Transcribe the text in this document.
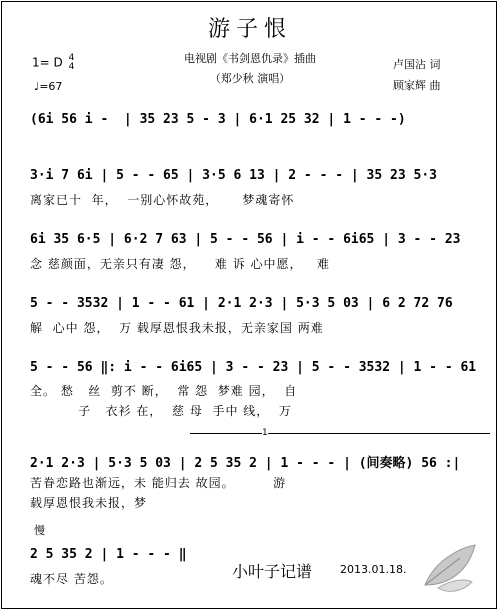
游子恨
电视剧《书剑恩仇录》插曲
（郑少秋 演唱）
卢国沾 词
顾家辉 曲
1= D 4
4
♩=67
(6i 56 i -  | 35 23 5 - 3 | 6·1 25 32 | 1 - - -)
3·i 7 6i | 5 - - 65 | 3·5 6 13 | 2 - - - | 35 23 5·3
离家已十  年，  一别心怀故苑，     梦魂寄怀
6i 35 6·5 | 6·2 7 63 | 5 - - 56 | i - - 6i65 | 3 - - 23
念 慈颜面，无亲只有凄 怨，    难 诉 心中愿，   难
5 - - 3532 | 1 - - 61 | 2·1 2·3 | 5·3 5 03 | 6 2 72 76
解  心中 怨，  万 载厚恩恨我未报，无亲家国 两难
5 - - 56 ‖: i - - 6i65 | 3 - - 23 | 5 - - 3532 | 1 - - 61
全。 愁   丝  剪不 断，  常 怨  梦难 园，  自
子   衣衫 在，  慈 母  手中 线，  万
1
2·1 2·3 | 5·3 5 03 | 2 5 35 2 | 1 - - - | (间奏略) 56 :|
苦眷恋路也渐远，未 能归去 故园。        游
载厚恩恨我未报，梦
慢
2 5 35 2 | 1 - - - ‖
魂不尽 苦怨。	小叶子记谱	2013.01.18.
